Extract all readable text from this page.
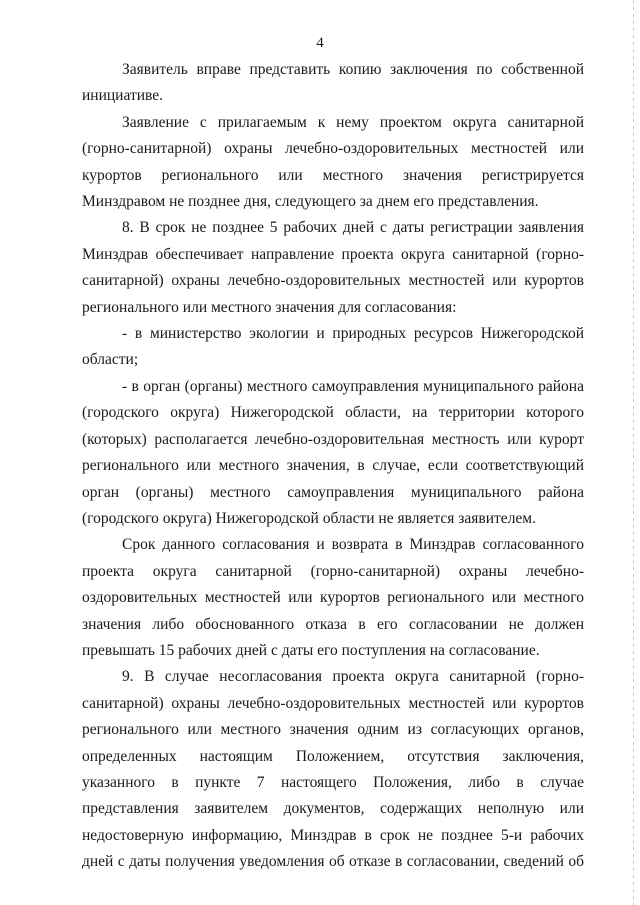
4

Заявитель вправе представить копию заключения по собственной инициативе.

Заявление с прилагаемым к нему проектом округа санитарной (горно-санитарной) охраны лечебно-оздоровительных местностей или курортов регионального или местного значения регистрируется Минздравом не позднее дня, следующего за днем его представления.

8. В срок не позднее 5 рабочих дней с даты регистрации заявления Минздрав обеспечивает направление проекта округа санитарной (горно-санитарной) охраны лечебно-оздоровительных местностей или курортов регионального или местного значения для согласования:

- в министерство экологии и природных ресурсов Нижегородской области;

- в орган (органы) местного самоуправления муниципального района (городского округа) Нижегородской области, на территории которого (которых) располагается лечебно-оздоровительная местность или курорт регионального или местного значения, в случае, если соответствующий орган (органы) местного самоуправления муниципального района (городского округа) Нижегородской области не является заявителем.

Срок данного согласования и возврата в Минздрав согласованного проекта округа санитарной (горно-санитарной) охраны лечебно-оздоровительных местностей или курортов регионального или местного значения либо обоснованного отказа в его согласовании не должен превышать 15 рабочих дней с даты его поступления на согласование.

9. В случае несогласования проекта округа санитарной (горно-санитарной) охраны лечебно-оздоровительных местностей или курортов регионального или местного значения одним из согласующих органов, определенных настоящим Положением, отсутствия заключения, указанного в пункте 7 настоящего Положения, либо в случае представления заявителем документов, содержащих неполную или недостоверную информацию, Минздрав в срок не позднее 5-и рабочих дней с даты получения уведомления об отказе в согласовании, сведений об
